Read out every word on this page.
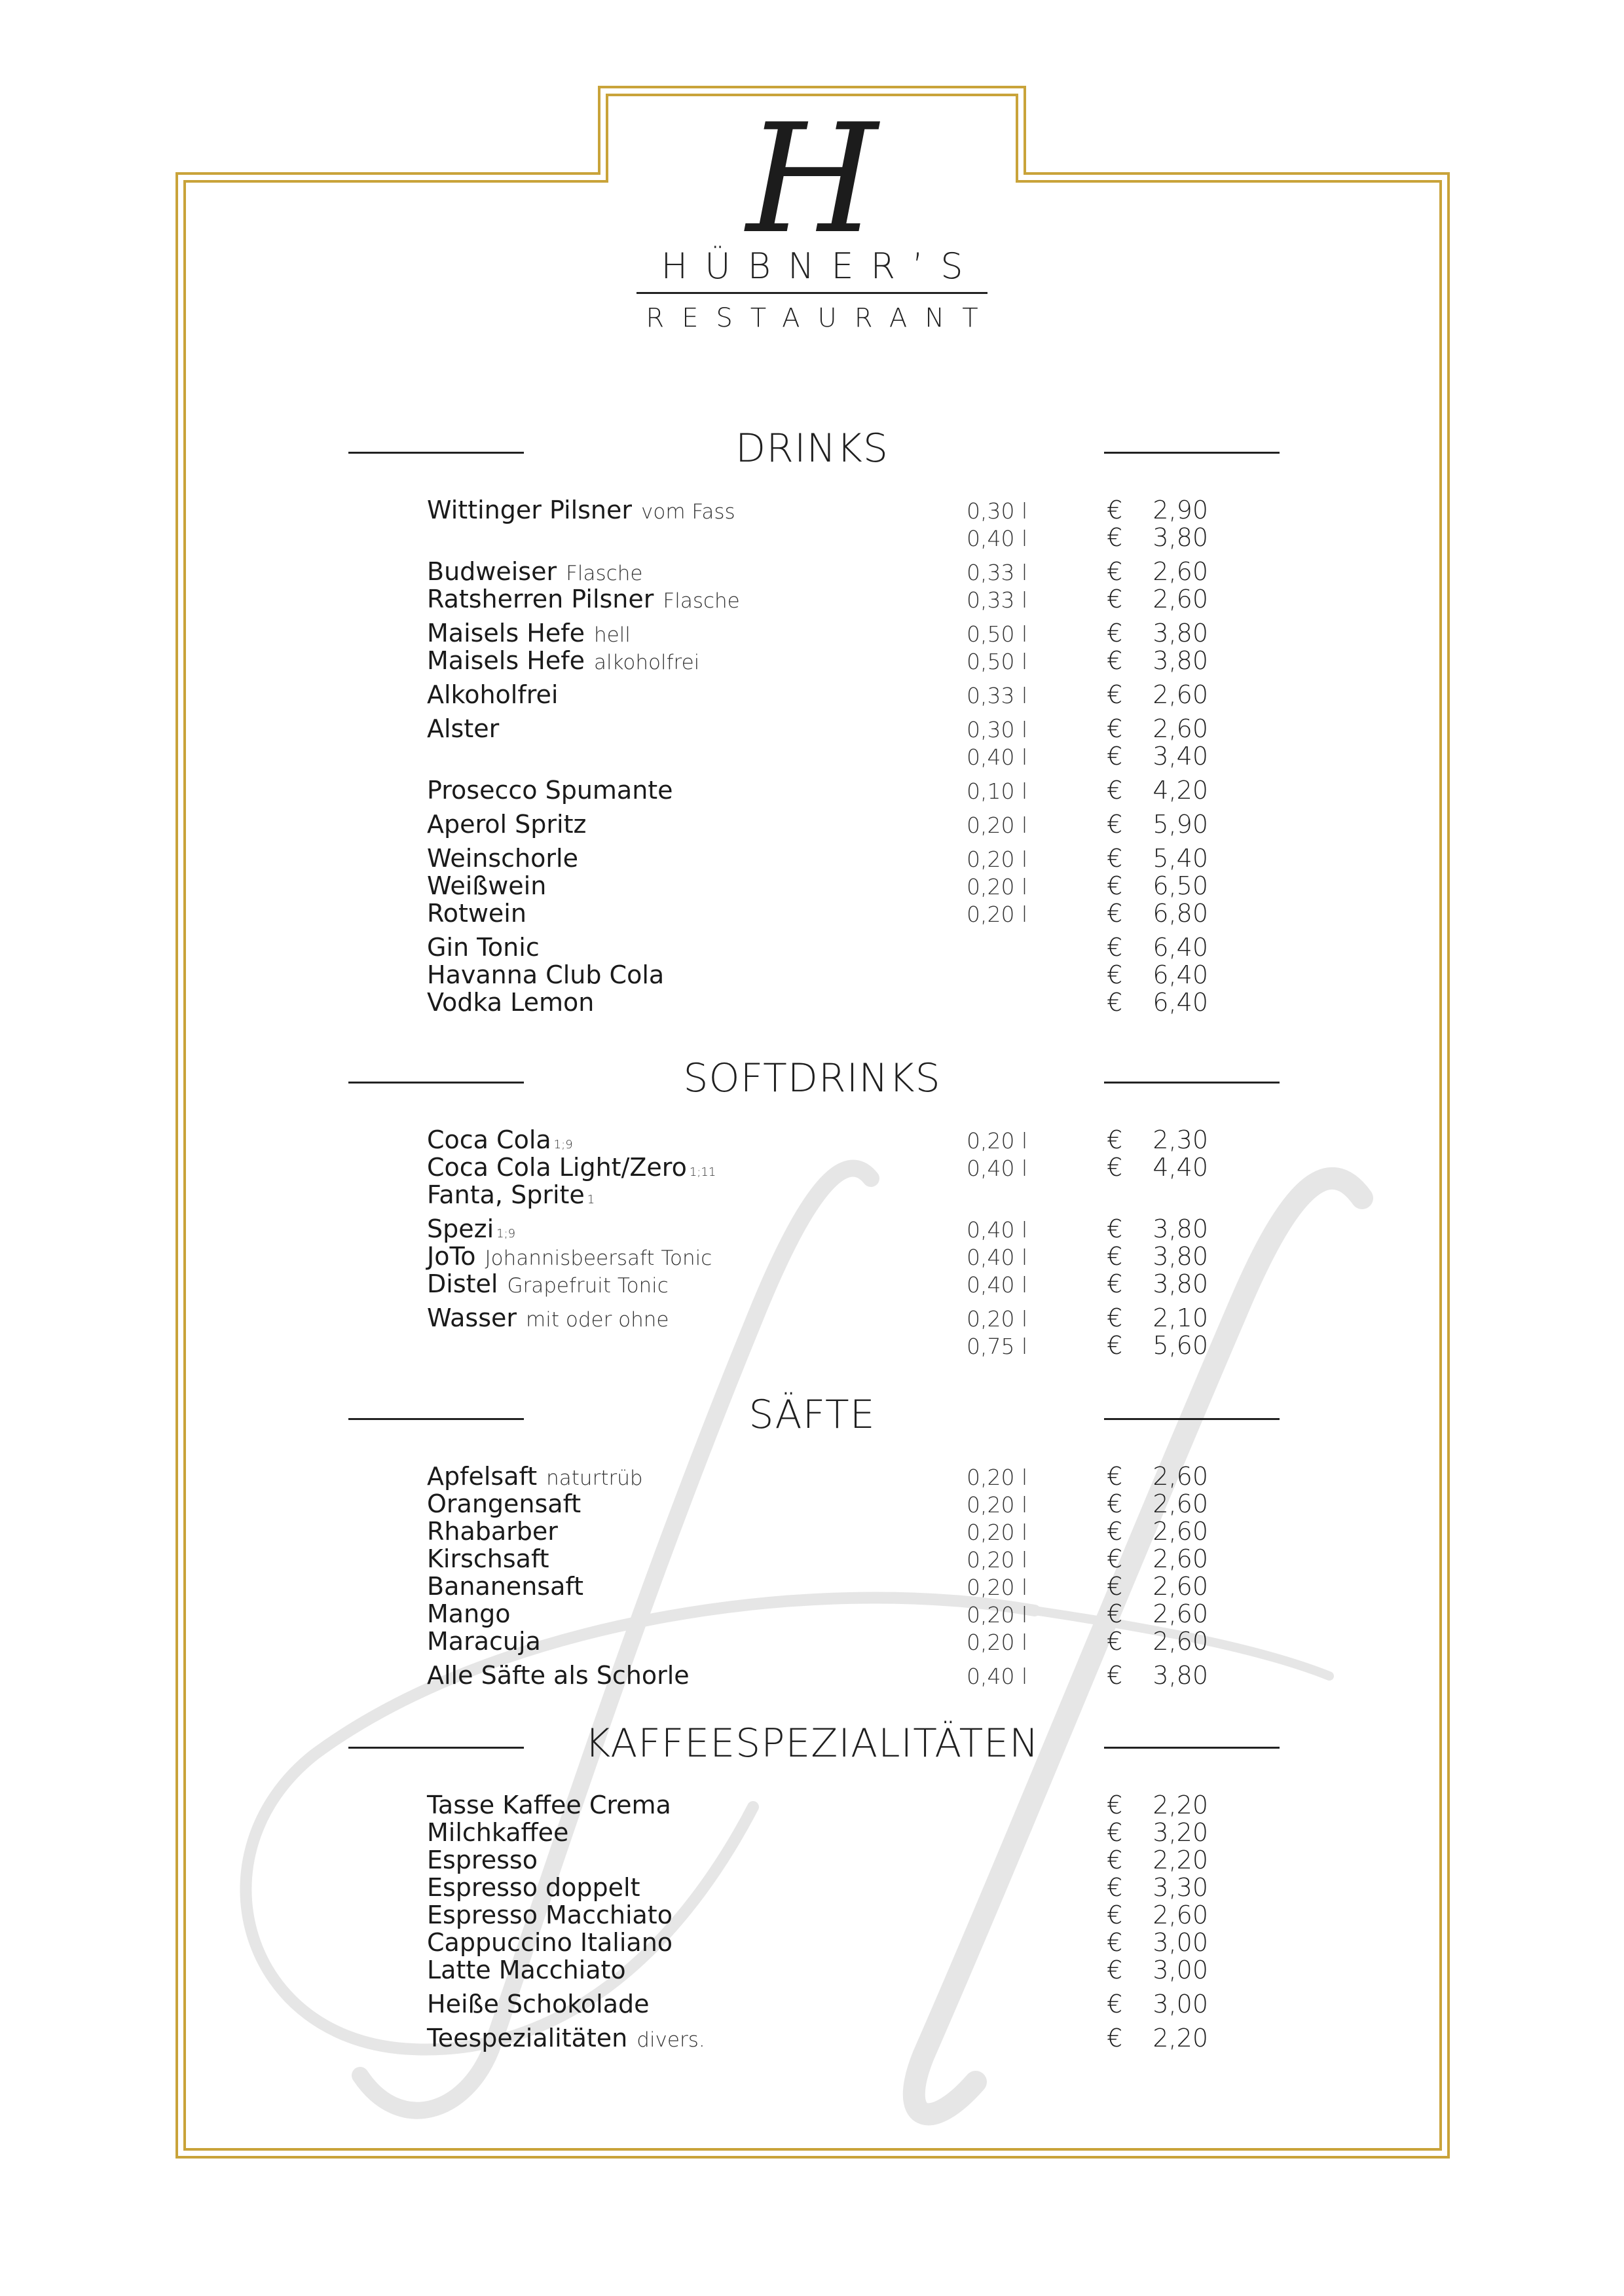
H
HÜBNER’S
RESTAURANT
DRINKS
Wittinger Pilsner vom Fass	0,30 l	€	2,90
0,40 l	€	3,80
Budweiser Flasche	0,33 l	€	2,60
Ratsherren Pilsner Flasche	0,33 l	€	2,60
Maisels Hefe hell	0,50 l	€	3,80
Maisels Hefe alkoholfrei	0,50 l	€	3,80
Alkoholfrei	0,33 l	€	2,60
Alster	0,30 l	€	2,60
0,40 l	€	3,40
Prosecco Spumante	0,10 l	€	4,20
Aperol Spritz	0,20 l	€	5,90
Weinschorle	0,20 l	€	5,40
Weißwein	0,20 l	€	6,50
Rotwein	0,20 l	€	6,80
Gin Tonic	€	6,40
Havanna Club Cola	€	6,40
Vodka Lemon	€	6,40
SOFTDRINKS
Coca Cola 1;9	0,20 l	€	2,30
Coca Cola Light/Zero 1;11	0,40 l	€	4,40
Fanta, Sprite 1
Spezi 1;9	0,40 l	€	3,80
JoTo Johannisbeersaft Tonic	0,40 l	€	3,80
Distel Grapefruit Tonic	0,40 l	€	3,80
Wasser mit oder ohne	0,20 l	€	2,10
0,75 l	€	5,60
SÄFTE
Apfelsaft naturtrüb	0,20 l	€	2,60
Orangensaft	0,20 l	€	2,60
Rhabarber	0,20 l	€	2,60
Kirschsaft	0,20 l	€	2,60
Bananensaft	0,20 l	€	2,60
Mango	0,20 l	€	2,60
Maracuja	0,20 l	€	2,60
Alle Säfte als Schorle	0,40 l	€	3,80
KAFFEESPEZIALITÄTEN
Tasse Kaffee Crema	€	2,20
Milchkaffee	€	3,20
Espresso	€	2,20
Espresso doppelt	€	3,30
Espresso Macchiato	€	2,60
Cappuccino Italiano	€	3,00
Latte Macchiato	€	3,00
Heiße Schokolade	€	3,00
Teespezialitäten divers.	€	2,20
